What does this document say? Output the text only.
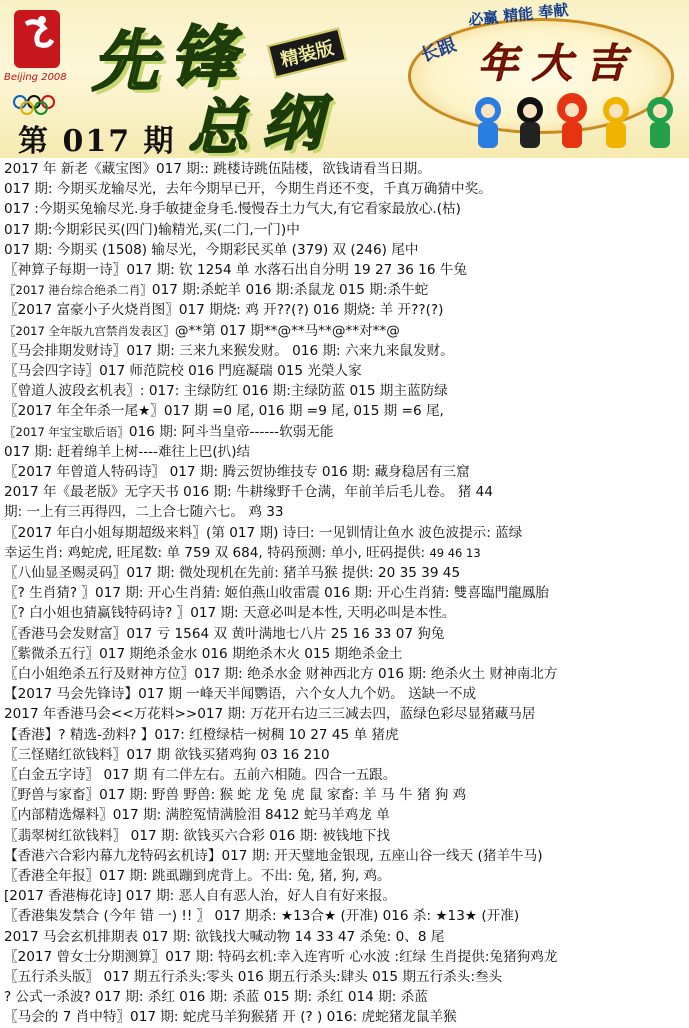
Beijing 2008 先 锋
总 纲
精装版
第 017 期
必赢 精能 奉献
长跟 年 大 吉
2017 年 新老《藏宝图》017 期:: 跳楼诗跳伍陆楼，欲钱请看当日期。
017 期: 今期买龙输尽光，去年今期早已开，今期生肖还不变，千真万确猜中奖。
017 :今期买兔输尽光.身手敏捷金身毛.慢慢吞土力气大,有它看家最放心.(枯)
017 期:今期彩民买(四门)输精光,买(二门,一门)中
017 期: 今期买 (1508) 输尽光，今期彩民买单 (379) 双 (246) 尾中
〖神算子每期一诗〗017 期: 钦 1254 单 水落石出自分明 19 27 36 16 牛兔
〖2017 港台综合绝杀二肖〗017 期:杀蛇羊 016 期:杀鼠龙 015 期:杀牛蛇
〖2017 富豪小子火烧肖图〗017 期烧: 鸡 开??(?) 016 期烧: 羊 开??(?)
〖2017 全年版九宫禁肖发表区〗@**第 017 期**@**马**@**对**@
〖马会排期发财诗〗017 期: 三来九来猴发财。 016 期: 六来九来鼠发财。
〖马会四字诗〗017 师范院校 016 門庭凝瑞 015 光榮人家
〖曾道人波段玄机表〗: 017: 主绿防红 016 期:主绿防蓝 015 期主蓝防绿
〖2017 年全年杀一尾★〗017 期 =0 尾, 016 期 =9 尾, 015 期 =6 尾,
〖2017 年宝宝歇后语〗016 期: 阿斗当皇帝------软弱无能
017 期: 赶着绵羊上树----难往上巴(扒)结
〖2017 年曾道人特码诗〗 017 期: 腾云贺协维技专 016 期: 藏身稳居有三窟
2017 年《最老版》无字天书 016 期: 牛耕缘野千仓满，年前羊后毛儿卷。 猪 44
期: 一上有三再得四，二上合七随六七。 鸡 33
〖2017 年白小姐每期超级来料〗(第 017 期) 诗曰: 一见钏情让鱼水 波色波提示: 蓝绿
幸运生肖: 鸡蛇虎, 旺尾数: 单 759 双 684, 特码预测: 单小, 旺码提供: 49 46 13
〖八仙显圣赐灵码〗017 期: 微处现机在先前: 猪羊马猴 提供: 20 35 39 45
〖? 生肖猜? 〗017 期: 开心生肖猜: 姬伯燕山收雷震 016 期: 开心生肖猜: 雙喜臨門龍鳳胎
〖? 白小姐也猜赢钱特码诗? 〗017 期: 天意必叫是本性, 天明必叫是本性。
〖香港马会发财富〗017 亏 1564 双 黄叶满地七八片 25 16 33 07 狗兔
〖紫微杀五行〗017 期绝杀金水 016 期绝杀木火 015 期绝杀金土
〖白小姐绝杀五行及财神方位〗017 期: 绝杀水金 财神西北方 016 期: 绝杀火土 财神南北方
【2017 马会先锋诗】017 期 一峰天半闻鹦语，六个女人九个奶。 送缺一不成
2017 年香港马会<<万花料>>017 期: 万花开右边三三减去四，蓝绿色彩尽显猪藏马居
【香港】? 精选-劲料? 】017: 红橙绿桔一树稠 10 27 45 单 猪虎
〖三怪赌红欲钱料〗017 期 欲钱买猪鸡狗 03 16 210
〖白金五字诗〗 017 期 有二伴左右。五前六相随。四合一五跟。
〖野兽与家畜〗017 期: 野兽 野兽: 猴 蛇 龙 兔 虎 鼠 家畜: 羊 马 牛 猪 狗 鸡
〖内部精选爆料〗017 期: 满腔冤情满脸泪 8412 蛇马羊鸡龙 单
〖翡翠树红欲钱料〗 017 期: 欲钱买六合彩 016 期: 被钱地下找
【香港六合彩内幕九龙特码玄机诗】017 期: 开天璧地金银现, 五座山谷一线天 (猪羊牛马)
〖香港全年报〗017 期: 跳虱蹦到虎背上。不出: 兔, 猪, 狗, 鸡。
[2017 香港梅花诗] 017 期: 恶人自有恶人治，好人自有好来报。
〖香港集发禁合 (今年 错 一) !! 〗 017 期杀: ★13合★ (开准) 016 杀: ★13★ (开准)
2017 马会玄机排期表 017 期: 欲钱找大喊动物 14 33 47 杀兔: 0、8 尾
〖2017 曾女士分期测算〗017 期: 特码玄机:幸入连宵听 心水波 :红绿 生肖提供:兔猪狗鸡龙
〖五行杀头版〗 017 期五行杀头:零头 016 期五行杀头:肆头 015 期五行杀头:叁头
? 公式一杀波? 017 期: 杀红 016 期: 杀蓝 015 期: 杀红 014 期: 杀蓝
〖马会的 7 肖中特〗017 期: 蛇虎马羊狗猴猪 开 (? ) 016: 虎蛇猪龙鼠羊猴
